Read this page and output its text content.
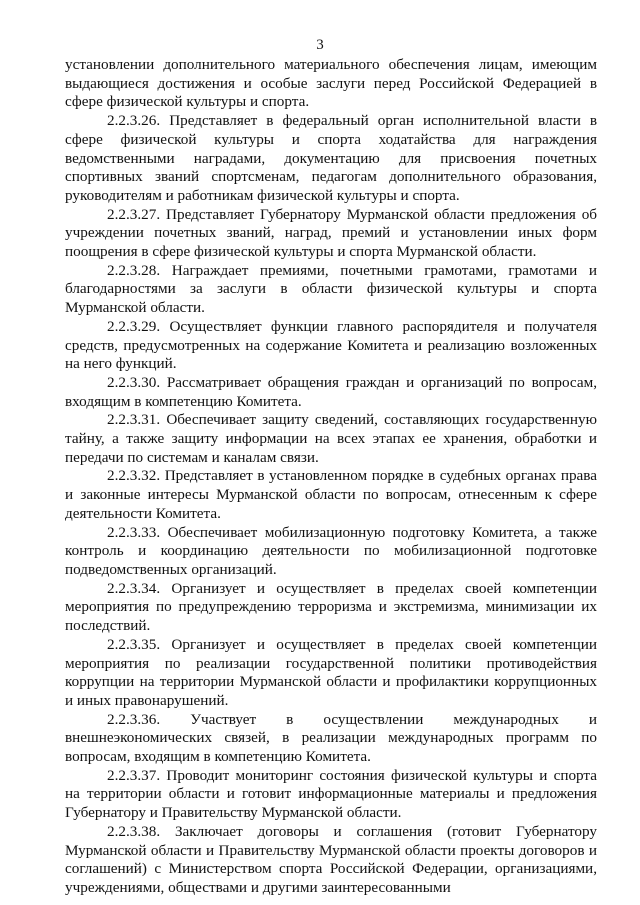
3

установлении дополнительного материального обеспечения лицам, имеющим выдающиеся достижения и особые заслуги перед Российской Федерацией в сфере физической культуры и спорта.

2.2.3.26. Представляет в федеральный орган исполнительной власти в сфере физической культуры и спорта ходатайства для награждения ведомственными наградами, документацию для присвоения почетных спортивных званий спортсменам, педагогам дополнительного образования, руководителям и работникам физической культуры и спорта.

2.2.3.27. Представляет Губернатору Мурманской области предложения об учреждении почетных званий, наград, премий и установлении иных форм поощрения в сфере физической культуры и спорта Мурманской области.

2.2.3.28. Награждает премиями, почетными грамотами, грамотами и благодарностями за заслуги в области физической культуры и спорта Мурманской области.

2.2.3.29. Осуществляет функции главного распорядителя и получателя средств, предусмотренных на содержание Комитета и реализацию возложенных на него функций.

2.2.3.30. Рассматривает обращения граждан и организаций по вопросам, входящим в компетенцию Комитета.

2.2.3.31. Обеспечивает защиту сведений, составляющих государственную тайну, а также защиту информации на всех этапах ее хранения, обработки и передачи по системам и каналам связи.

2.2.3.32. Представляет в установленном порядке в судебных органах права и законные интересы Мурманской области по вопросам, отнесенным к сфере деятельности Комитета.

2.2.3.33. Обеспечивает мобилизационную подготовку Комитета, а также контроль и координацию деятельности по мобилизационной подготовке подведомственных организаций.

2.2.3.34. Организует и осуществляет в пределах своей компетенции мероприятия по предупреждению терроризма и экстремизма, минимизации их последствий.

2.2.3.35. Организует и осуществляет в пределах своей компетенции мероприятия по реализации государственной политики противодействия коррупции на территории Мурманской области и профилактики коррупционных и иных правонарушений.

2.2.3.36. Участвует в осуществлении международных и внешнеэкономических связей, в реализации международных программ по вопросам, входящим в компетенцию Комитета.

2.2.3.37. Проводит мониторинг состояния физической культуры и спорта на территории области и готовит информационные материалы и предложения Губернатору и Правительству Мурманской области.

2.2.3.38. Заключает договоры и соглашения (готовит Губернатору Мурманской области и Правительству Мурманской области проекты договоров и соглашений) с Министерством спорта Российской Федерации, организациями, учреждениями, обществами и другими заинтересованными
